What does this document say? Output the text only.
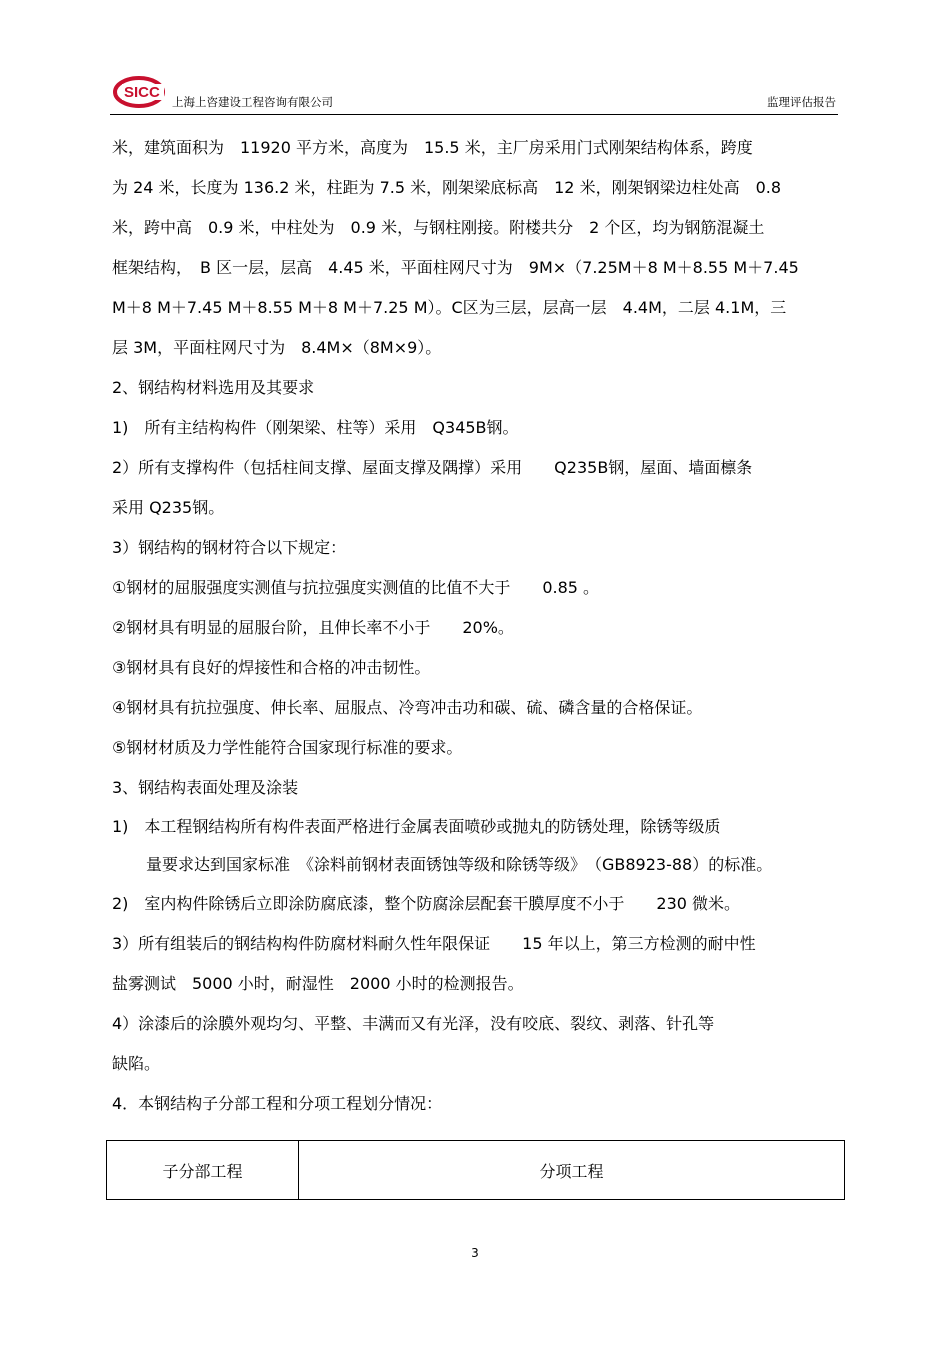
SICC
上海上咨建设工程咨询有限公司	监理评估报告

米，建筑面积为　11920 平方米，高度为　15.5 米，主厂房采用门式刚架结构体系，跨度

为 24 米，长度为 136.2 米，柱距为 7.5 米，刚架梁底标高　12 米，刚架钢梁边柱处高　0.8

米，跨中高　0.9 米，中柱处为　0.9 米，与钢柱刚接。附楼共分　2 个区，均为钢筋混凝土

框架结构，　B 区一层，层高　4.45 米，平面柱网尺寸为　9M×（7.25M＋8 M＋8.55 M＋7.45

M＋8 M＋7.45 M＋8.55 M＋8 M＋7.25 M）。C区为三层，层高一层　4.4M，二层 4.1M，三

层 3M，平面柱网尺寸为　8.4M×（8M×9）。

2、钢结构材料选用及其要求

1)　所有主结构构件（刚架梁、柱等）采用　Q345B钢。

2）所有支撑构件（包括柱间支撑、屋面支撑及隅撑）采用　　Q235B钢，屋面、墙面檩条

采用 Q235钢。

3）钢结构的钢材符合以下规定：

①钢材的屈服强度实测值与抗拉强度实测值的比值不大于　　0.85 。

②钢材具有明显的屈服台阶，且伸长率不小于　　20%。

③钢材具有良好的焊接性和合格的冲击韧性。

④钢材具有抗拉强度、伸长率、屈服点、冷弯冲击功和碳、硫、磷含量的合格保证。

⑤钢材材质及力学性能符合国家现行标准的要求。

3、钢结构表面处理及涂装

1)　本工程钢结构所有构件表面严格进行金属表面喷砂或抛丸的防锈处理，除锈等级质

量要求达到国家标准　《涂料前钢材表面锈蚀等级和除锈等级》　（GB8923-88）的标准。

2)　室内构件除锈后立即涂防腐底漆，整个防腐涂层配套干膜厚度不小于　　230 微米。

3）所有组装后的钢结构构件防腐材料耐久性年限保证　　15 年以上，第三方检测的耐中性

盐雾测试　5000 小时，耐湿性　2000 小时的检测报告。

4）涂漆后的涂膜外观均匀、平整、丰满而又有光泽，没有咬底、裂纹、剥落、针孔等

缺陷。

4．本钢结构子分部工程和分项工程划分情况：

子分部工程	分项工程
3
